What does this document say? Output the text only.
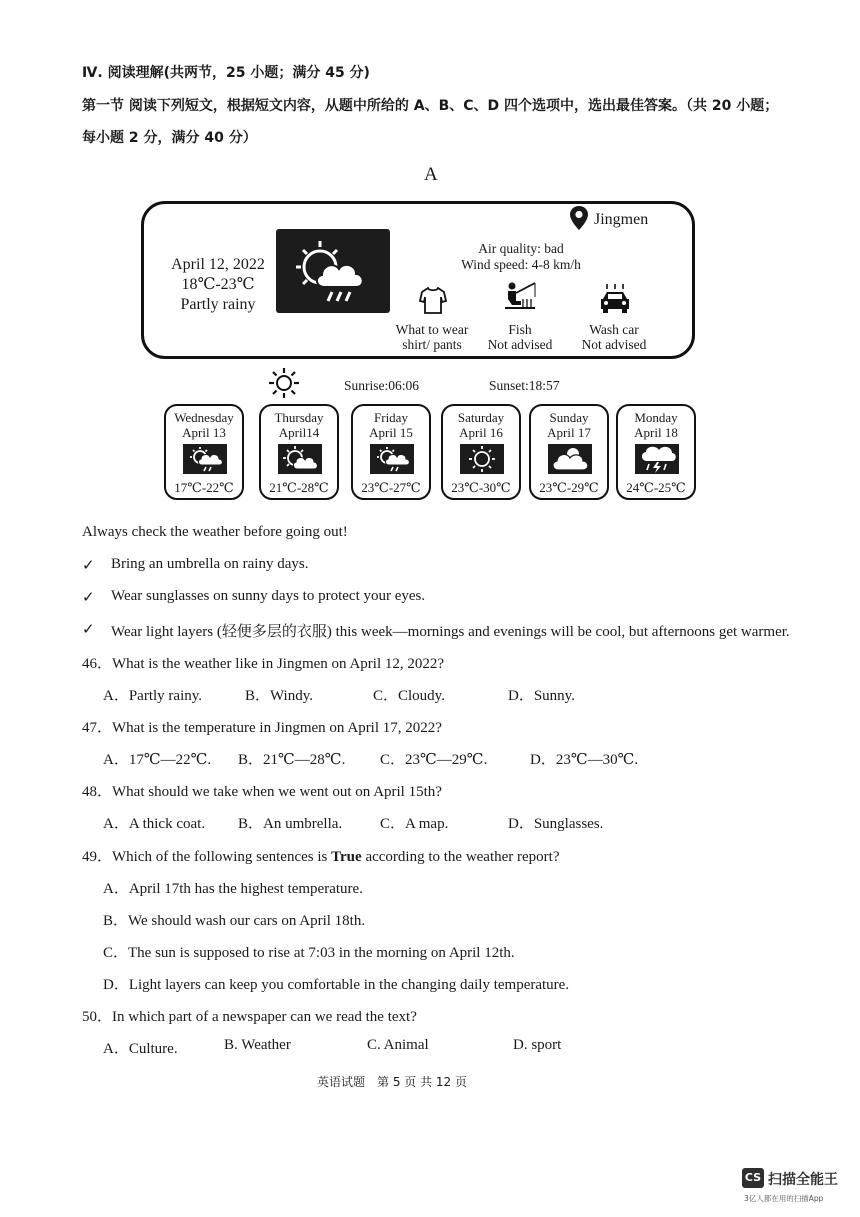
Ⅳ. 阅读理解(共两节，25 小题；满分 45 分)
第一节 阅读下列短文，根据短文内容，从题中所给的 A、B、C、D 四个选项中，选出最佳答案。（共 20 小题；
每小题 2 分，满分 40 分）
A
Jingmen
April 12, 2022
18℃-23℃
Partly rainy
Air quality: bad
Wind speed: 4-8 km/h
What to wear
shirt/ pants
Fish
Not advised
Wash car
Not advised
Sunrise:06:06	Sunset:18:57
Wednesday
April 13
17℃-22℃
Thursday
April14
21℃-28℃
Friday
April 15
23℃-27℃
Saturday
April 16
23℃-30℃
Sunday
April 17
23℃-29℃
Monday
April 18
24℃-25℃
Always check the weather before going out!
✓ Bring an umbrella on rainy days.
✓ Wear sunglasses on sunny days to protect your eyes.
✓ Wear light layers (轻便多层的衣服) this week—mornings and evenings will be cool, but afternoons get warmer.
46．What is the weather like in Jingmen on April 12, 2022?
A．Partly rainy.	B．Windy.	C．Cloudy.	D．Sunny.
47．What is the temperature in Jingmen on April 17, 2022?
A．17℃—22℃. B．21℃—28℃. C．23℃—29℃.	D．23℃—30℃.
48．What should we take when we went out on April 15th?
A．A thick coat. B．An umbrella.	C．A map.	D．Sunglasses.
49．Which of the following sentences is True according to the weather report?
A．April 17th has the highest temperature.
B．We should wash our cars on April 18th.
C．The sun is supposed to rise at 7:03 in the morning on April 12th.
D．Light layers can keep you comfortable in the changing daily temperature.
50．In which part of a newspaper can we read the text?
A．Culture.	B. Weather	C. Animal	D. sport
英语试题　第 5 页 共 12 页
CS 扫描全能王
3亿人都在用的扫描App
